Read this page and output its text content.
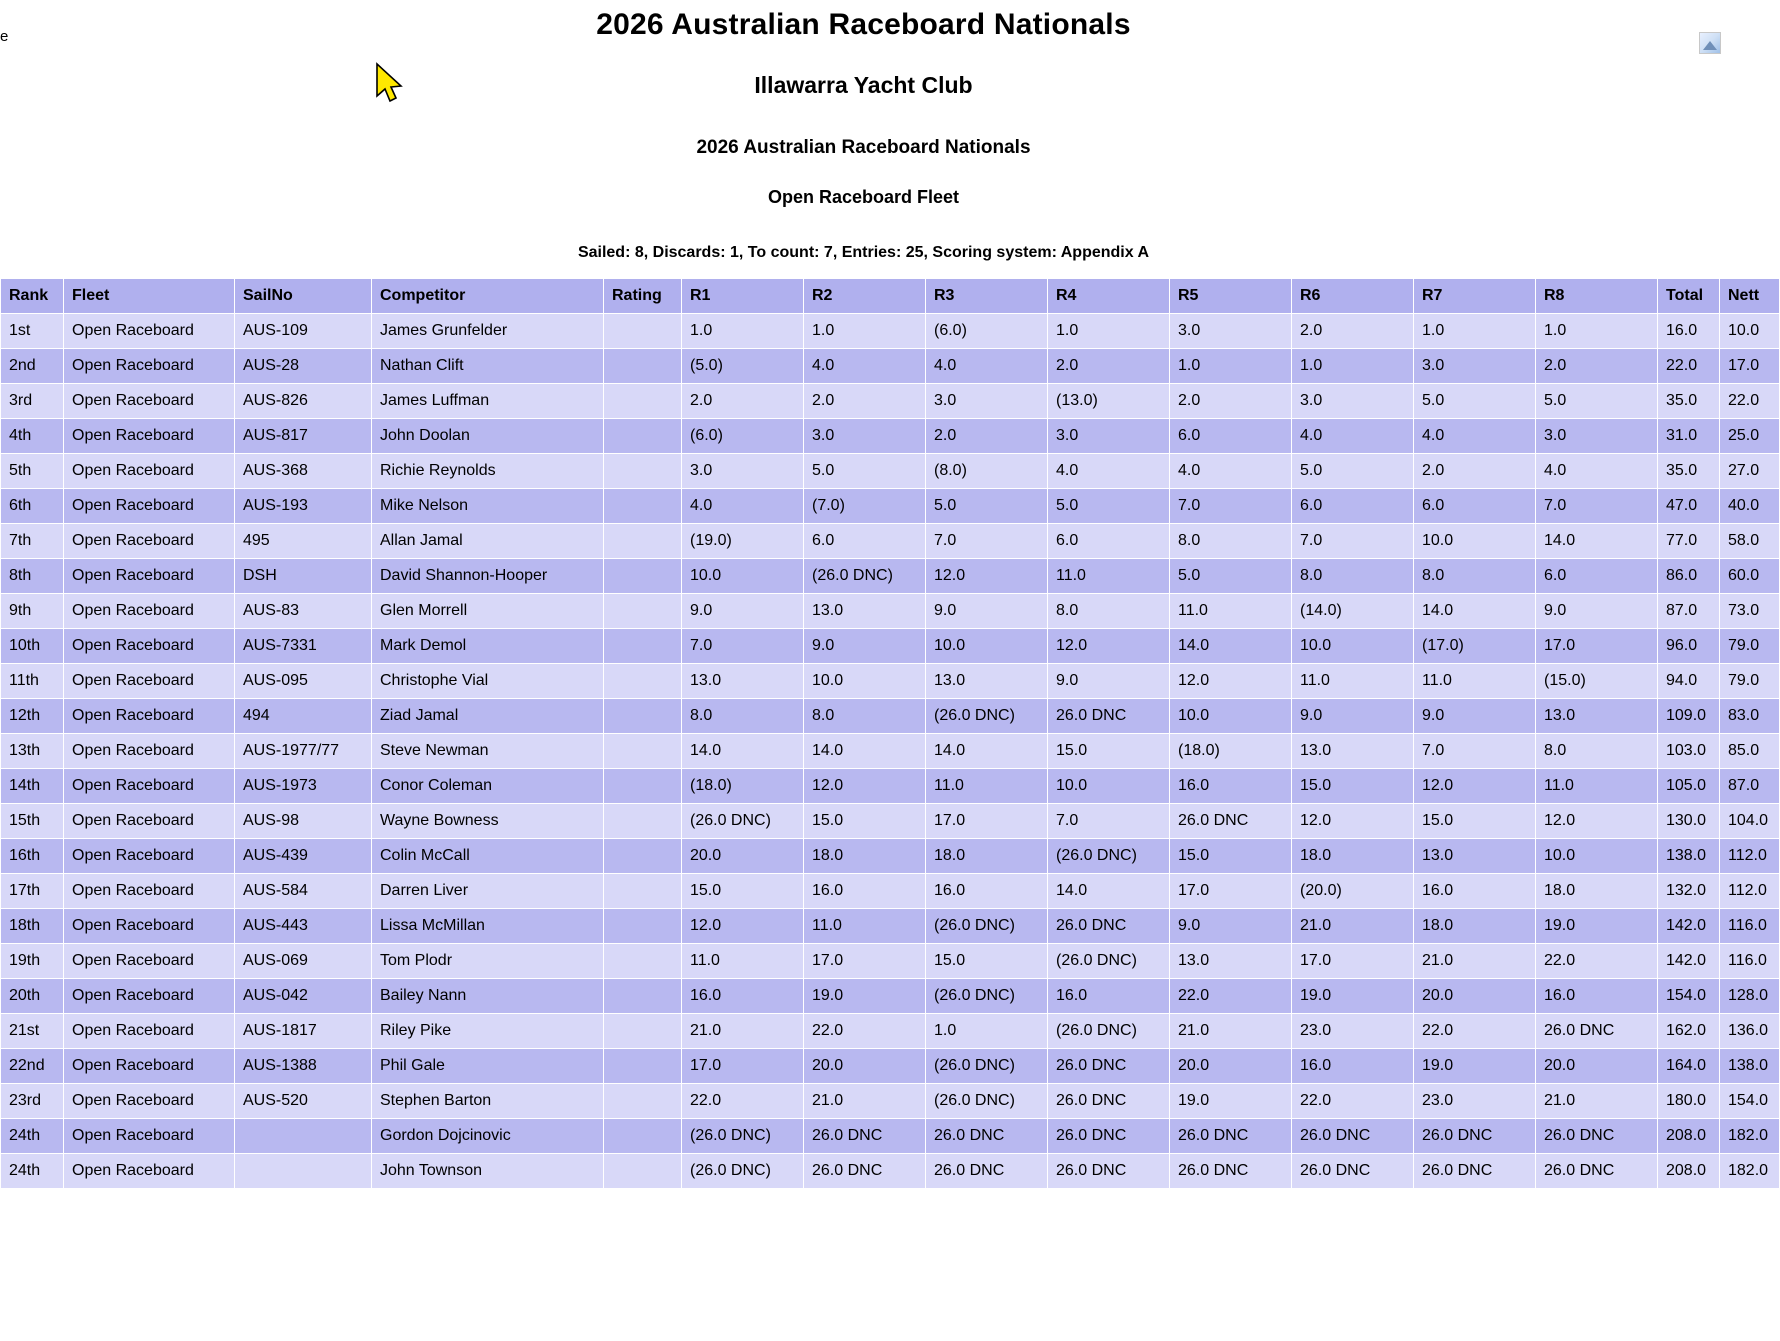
e	2026 Australian Raceboard Nationals
Illawarra Yacht Club
2026 Australian Raceboard Nationals
Open Raceboard Fleet

Sailed: 8, Discards: 1, To count: 7, Entries: 25, Scoring system: Appendix A

Rank	Fleet	SailNo	Competitor	Rating	R1	R2	R3	R4	R5	R6	R7	R8	Total	Nett
1st	Open Raceboard	AUS-109	James Grunfelder		1.0	1.0	(6.0)	1.0	3.0	2.0	1.0	1.0	16.0	10.0
2nd	Open Raceboard	AUS-28	Nathan Clift		(5.0)	4.0	4.0	2.0	1.0	1.0	3.0	2.0	22.0	17.0
3rd	Open Raceboard	AUS-826	James Luffman		2.0	2.0	3.0	(13.0)	2.0	3.0	5.0	5.0	35.0	22.0
4th	Open Raceboard	AUS-817	John Doolan		(6.0)	3.0	2.0	3.0	6.0	4.0	4.0	3.0	31.0	25.0
5th	Open Raceboard	AUS-368	Richie Reynolds		3.0	5.0	(8.0)	4.0	4.0	5.0	2.0	4.0	35.0	27.0
6th	Open Raceboard	AUS-193	Mike Nelson		4.0	(7.0)	5.0	5.0	7.0	6.0	6.0	7.0	47.0	40.0
7th	Open Raceboard	495	Allan Jamal		(19.0)	6.0	7.0	6.0	8.0	7.0	10.0	14.0	77.0	58.0
8th	Open Raceboard	DSH	David Shannon-Hooper		10.0	(26.0 DNC)	12.0	11.0	5.0	8.0	8.0	6.0	86.0	60.0
9th	Open Raceboard	AUS-83	Glen Morrell		9.0	13.0	9.0	8.0	11.0	(14.0)	14.0	9.0	87.0	73.0
10th	Open Raceboard	AUS-7331	Mark Demol		7.0	9.0	10.0	12.0	14.0	10.0	(17.0)	17.0	96.0	79.0
11th	Open Raceboard	AUS-095	Christophe Vial		13.0	10.0	13.0	9.0	12.0	11.0	11.0	(15.0)	94.0	79.0
12th	Open Raceboard	494	Ziad Jamal		8.0	8.0	(26.0 DNC)	26.0 DNC	10.0	9.0	9.0	13.0	109.0	83.0
13th	Open Raceboard	AUS-1977/77	Steve Newman		14.0	14.0	14.0	15.0	(18.0)	13.0	7.0	8.0	103.0	85.0
14th	Open Raceboard	AUS-1973	Conor Coleman		(18.0)	12.0	11.0	10.0	16.0	15.0	12.0	11.0	105.0	87.0
15th	Open Raceboard	AUS-98	Wayne Bowness		(26.0 DNC)	15.0	17.0	7.0	26.0 DNC	12.0	15.0	12.0	130.0	104.0
16th	Open Raceboard	AUS-439	Colin McCall		20.0	18.0	18.0	(26.0 DNC)	15.0	18.0	13.0	10.0	138.0	112.0
17th	Open Raceboard	AUS-584	Darren Liver		15.0	16.0	16.0	14.0	17.0	(20.0)	16.0	18.0	132.0	112.0
18th	Open Raceboard	AUS-443	Lissa McMillan		12.0	11.0	(26.0 DNC)	26.0 DNC	9.0	21.0	18.0	19.0	142.0	116.0
19th	Open Raceboard	AUS-069	Tom Plodr		11.0	17.0	15.0	(26.0 DNC)	13.0	17.0	21.0	22.0	142.0	116.0
20th	Open Raceboard	AUS-042	Bailey Nann		16.0	19.0	(26.0 DNC)	16.0	22.0	19.0	20.0	16.0	154.0	128.0
21st	Open Raceboard	AUS-1817	Riley Pike		21.0	22.0	1.0	(26.0 DNC)	21.0	23.0	22.0	26.0 DNC	162.0	136.0
22nd	Open Raceboard	AUS-1388	Phil Gale		17.0	20.0	(26.0 DNC)	26.0 DNC	20.0	16.0	19.0	20.0	164.0	138.0
23rd	Open Raceboard	AUS-520	Stephen Barton		22.0	21.0	(26.0 DNC)	26.0 DNC	19.0	22.0	23.0	21.0	180.0	154.0
24th	Open Raceboard		Gordon Dojcinovic		(26.0 DNC)	26.0 DNC	26.0 DNC	26.0 DNC	26.0 DNC	26.0 DNC	26.0 DNC	26.0 DNC	208.0	182.0
24th	Open Raceboard		John Townson		(26.0 DNC)	26.0 DNC	26.0 DNC	26.0 DNC	26.0 DNC	26.0 DNC	26.0 DNC	26.0 DNC	208.0	182.0
